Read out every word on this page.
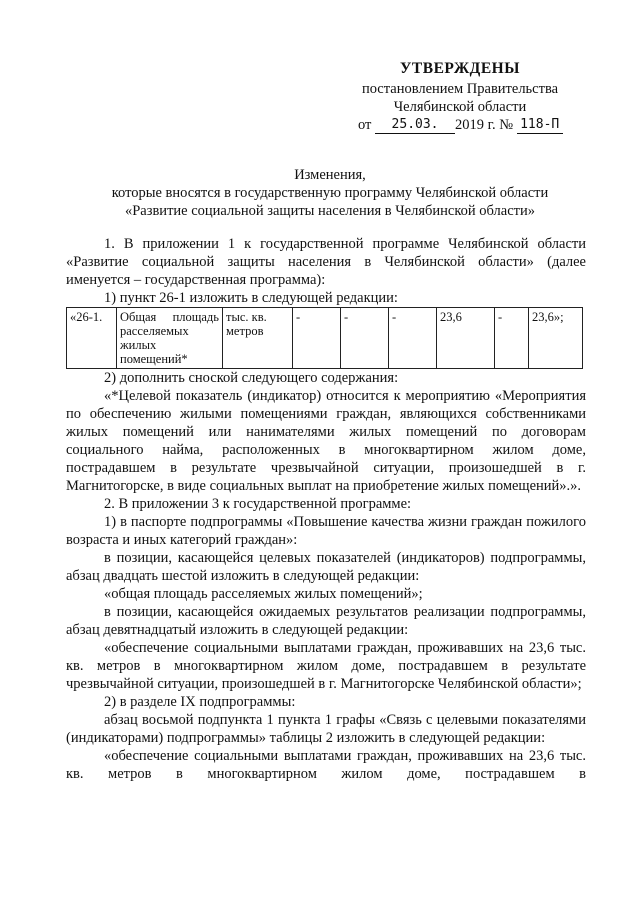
УТВЕРЖДЕНЫ
постановлением Правительства
Челябинской области
от 25.03. 2019 г. № 118-П
Изменения,
которые вносятся в государственную программу Челябинской области
«Развитие социальной защиты населения в Челябинской области»

1. В приложении 1 к государственной программе Челябинской области «Развитие социальной защиты населения в Челябинской области» (далее именуется – государственная программа):

1) пункт 26-1 изложить в следующей редакции:

«26-1.	Общая площадь расселяемых жилых помещений*	тыс. кв. метров	-	-	-	23,6	-	23,6»;

2) дополнить сноской следующего содержания:

«*Целевой показатель (индикатор) относится к мероприятию «Мероприятия по обеспечению жилыми помещениями граждан, являющихся собственниками жилых помещений или нанимателями жилых помещений по договорам социального найма, расположенных в многоквартирном жилом доме, пострадавшем в результате чрезвычайной ситуации, произошедшей в г. Магнитогорске, в виде социальных выплат на приобретение жилых помещений».».

2. В приложении 3 к государственной программе:

1) в паспорте подпрограммы «Повышение качества жизни граждан пожилого возраста и иных категорий граждан»:

в позиции, касающейся целевых показателей (индикаторов) подпрограммы, абзац двадцать шестой изложить в следующей редакции:

«общая площадь расселяемых жилых помещений»;

в позиции, касающейся ожидаемых результатов реализации подпрограммы, абзац девятнадцатый изложить в следующей редакции:

«обеспечение социальными выплатами граждан, проживавших на 23,6 тыс. кв. метров в многоквартирном жилом доме, пострадавшем в результате чрезвычайной ситуации, произошедшей в г. Магнитогорске Челябинской области»;

2) в разделе IX подпрограммы:

абзац восьмой подпункта 1 пункта 1 графы «Связь с целевыми показателями (индикаторами) подпрограммы» таблицы 2 изложить в следующей редакции:

«обеспечение социальными выплатами граждан, проживавших на 23,6 тыс. кв. метров в многоквартирном жилом доме, пострадавшем в
